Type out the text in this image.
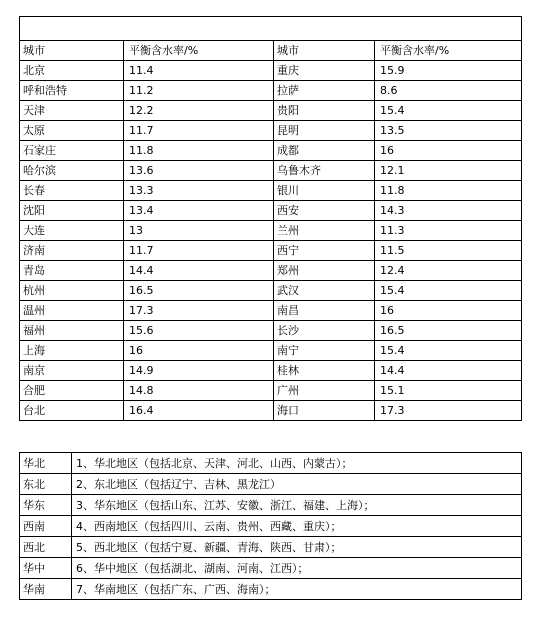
城市	平衡含水率/%	城市	平衡含水率/%
北京	11.4	重庆	15.9
呼和浩特	11.2	拉萨	8.6
天津	12.2	贵阳	15.4
太原	11.7	昆明	13.5
石家庄	11.8	成都	16
哈尔滨	13.6	乌鲁木齐	12.1
长春	13.3	银川	11.8
沈阳	13.4	西安	14.3
大连	13	兰州	11.3
济南	11.7	西宁	11.5
青岛	14.4	郑州	12.4
杭州	16.5	武汉	15.4
温州	17.3	南昌	16
福州	15.6	长沙	16.5
上海	16	南宁	15.4
南京	14.9	桂林	14.4
合肥	14.8	广州	15.1
台北	16.4	海口	17.3
华北	1、华北地区（包括北京、天津、河北、山西、内蒙古）；
东北	2、东北地区（包括辽宁、吉林、黑龙江）
华东	3、华东地区（包括山东、江苏、安徽、浙江、福建、上海）；
西南	4、西南地区（包括四川、云南、贵州、西藏、重庆）；
西北	5、西北地区（包括宁夏、新疆、青海、陕西、甘肃）；
华中	6、华中地区（包括湖北、湖南、河南、江西）；
华南	7、华南地区（包括广东、广西、海南）；
